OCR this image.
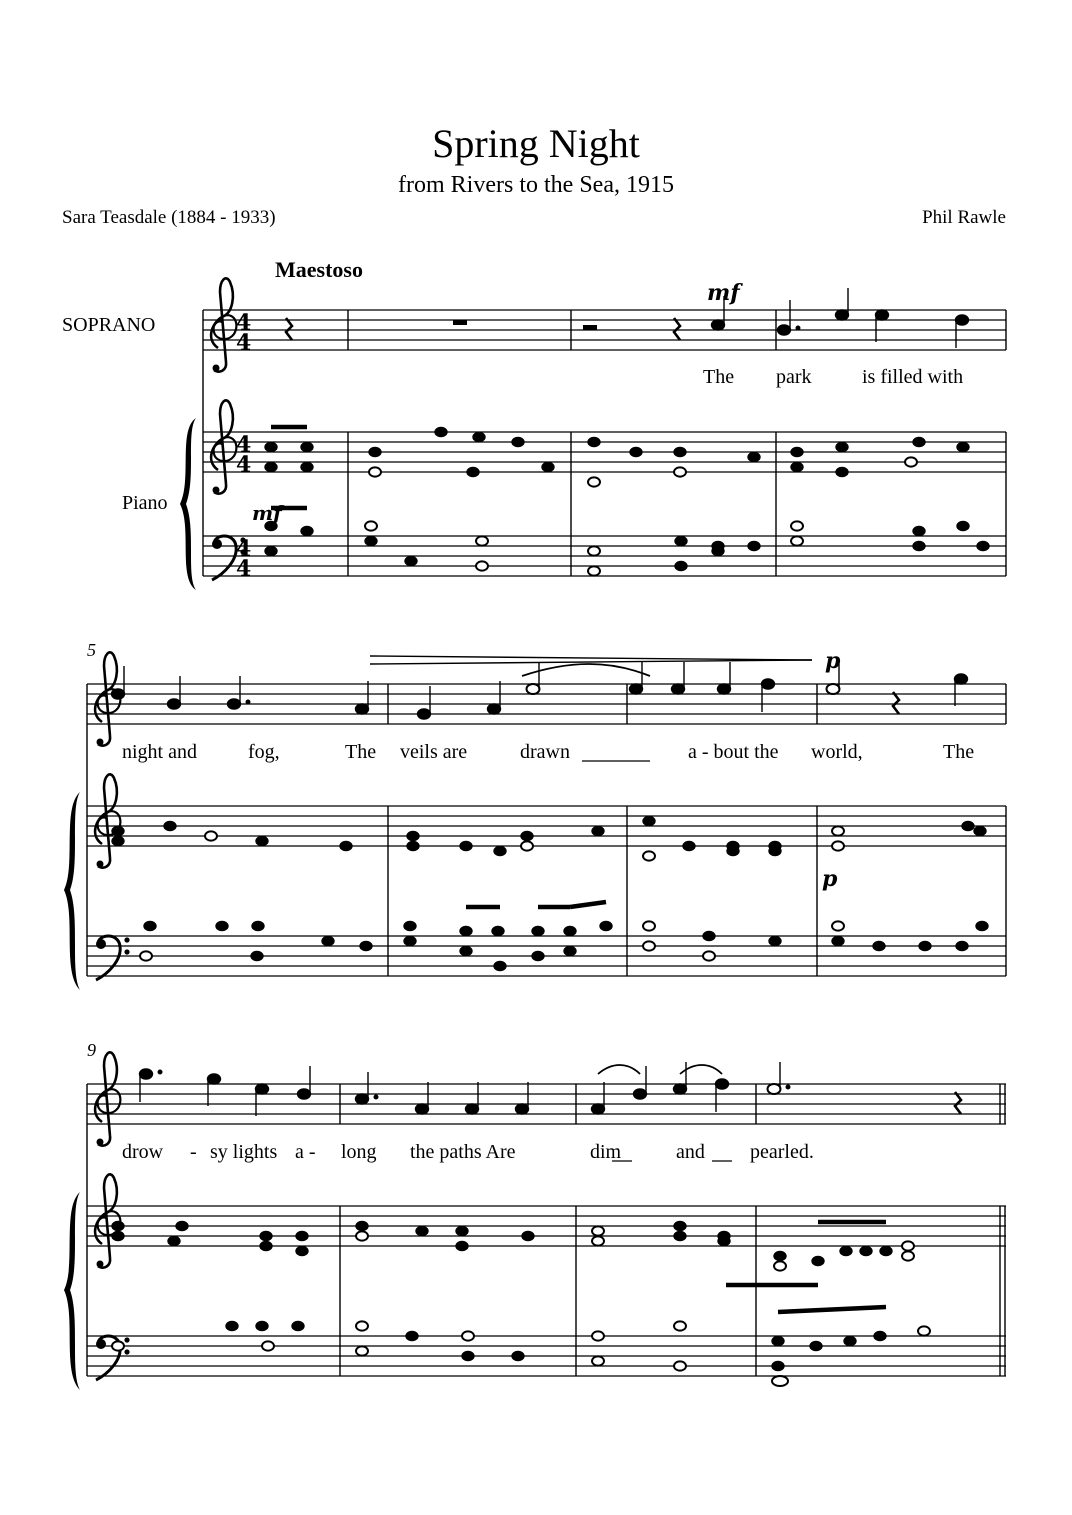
Spring Night
from Rivers to the Sea, 1915
Sara Teasdale (1884 - 1933)	Phil Rawle
Maestoso
SOPRANO
Piano
5
9
The park	is filled with
night and	fog,	The veils are	drawn	a - bout the world,	The
drow - sy lights a - long the paths Are	dim	and pearled.
4
4
mf
mf
p
p
